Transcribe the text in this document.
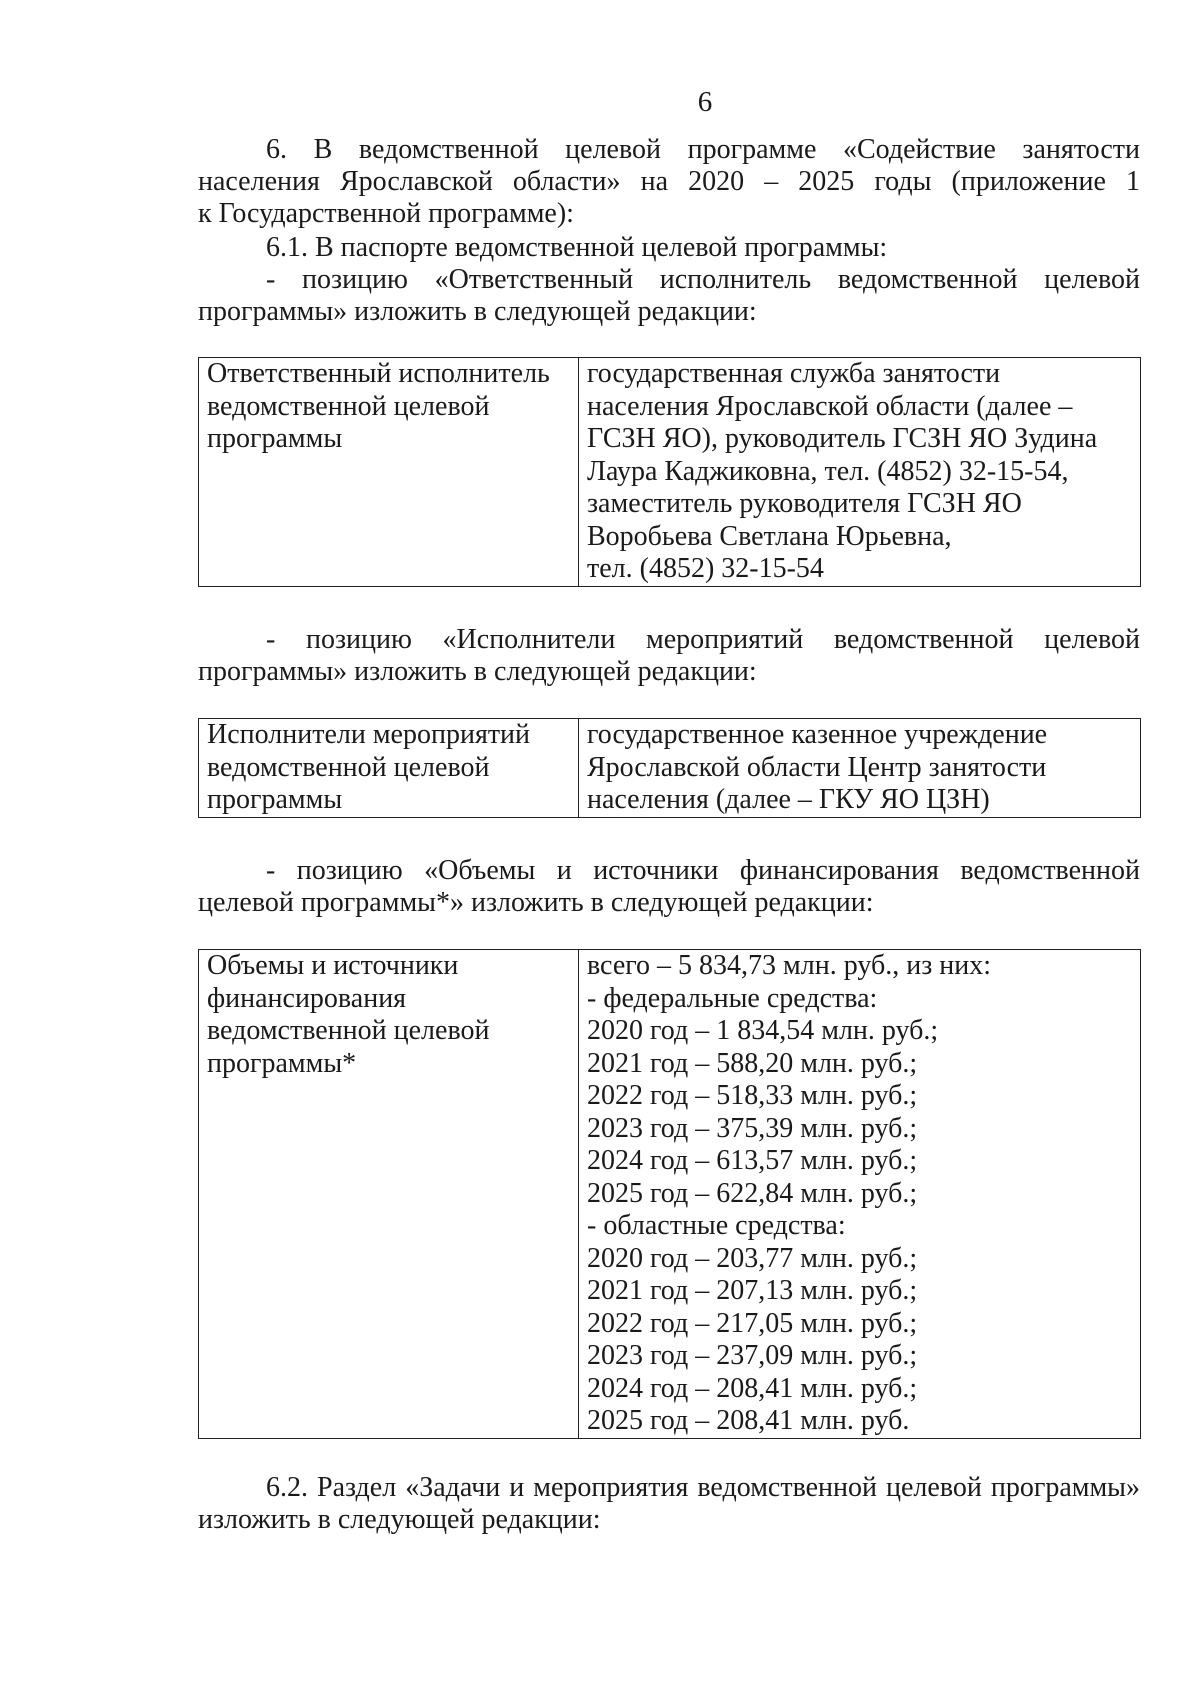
6
6. В ведомственной целевой программе «Содействие занятости
населения Ярославской области» на 2020 – 2025 годы (приложение 1
к Государственной программе):
6.1. В паспорте ведомственной целевой программы:
- позицию «Ответственный исполнитель ведомственной целевой
программы» изложить в следующей редакции:
Ответственный исполнитель
ведомственной целевой
программы

государственная служба занятости
населения Ярославской области (далее –
ГСЗН ЯО), руководитель ГСЗН ЯО Зудина
Лаура Каджиковна, тел. (4852) 32-15-54,
заместитель руководителя ГСЗН ЯО
Воробьева Светлана Юрьевна,
тел. (4852) 32-15-54
- позицию «Исполнители мероприятий ведомственной целевой
программы» изложить в следующей редакции:
Исполнители мероприятий
ведомственной целевой
программы

государственное казенное учреждение
Ярославской области Центр занятости
населения (далее – ГКУ ЯО ЦЗН)
- позицию «Объемы и источники финансирования ведомственной
целевой программы*» изложить в следующей редакции:
Объемы и источники
финансирования
ведомственной целевой
программы*

всего – 5 834,73 млн. руб., из них:
- федеральные средства:
2020 год – 1 834,54 млн. руб.;
2021 год – 588,20 млн. руб.;
2022 год – 518,33 млн. руб.;
2023 год – 375,39 млн. руб.;
2024 год – 613,57 млн. руб.;
2025 год – 622,84 млн. руб.;
- областные средства:
2020 год – 203,77 млн. руб.;
2021 год – 207,13 млн. руб.;
2022 год – 217,05 млн. руб.;
2023 год – 237,09 млн. руб.;
2024 год – 208,41 млн. руб.;
2025 год – 208,41 млн. руб.
6.2. Раздел «Задачи и мероприятия ведомственной целевой программы»
изложить в следующей редакции:
